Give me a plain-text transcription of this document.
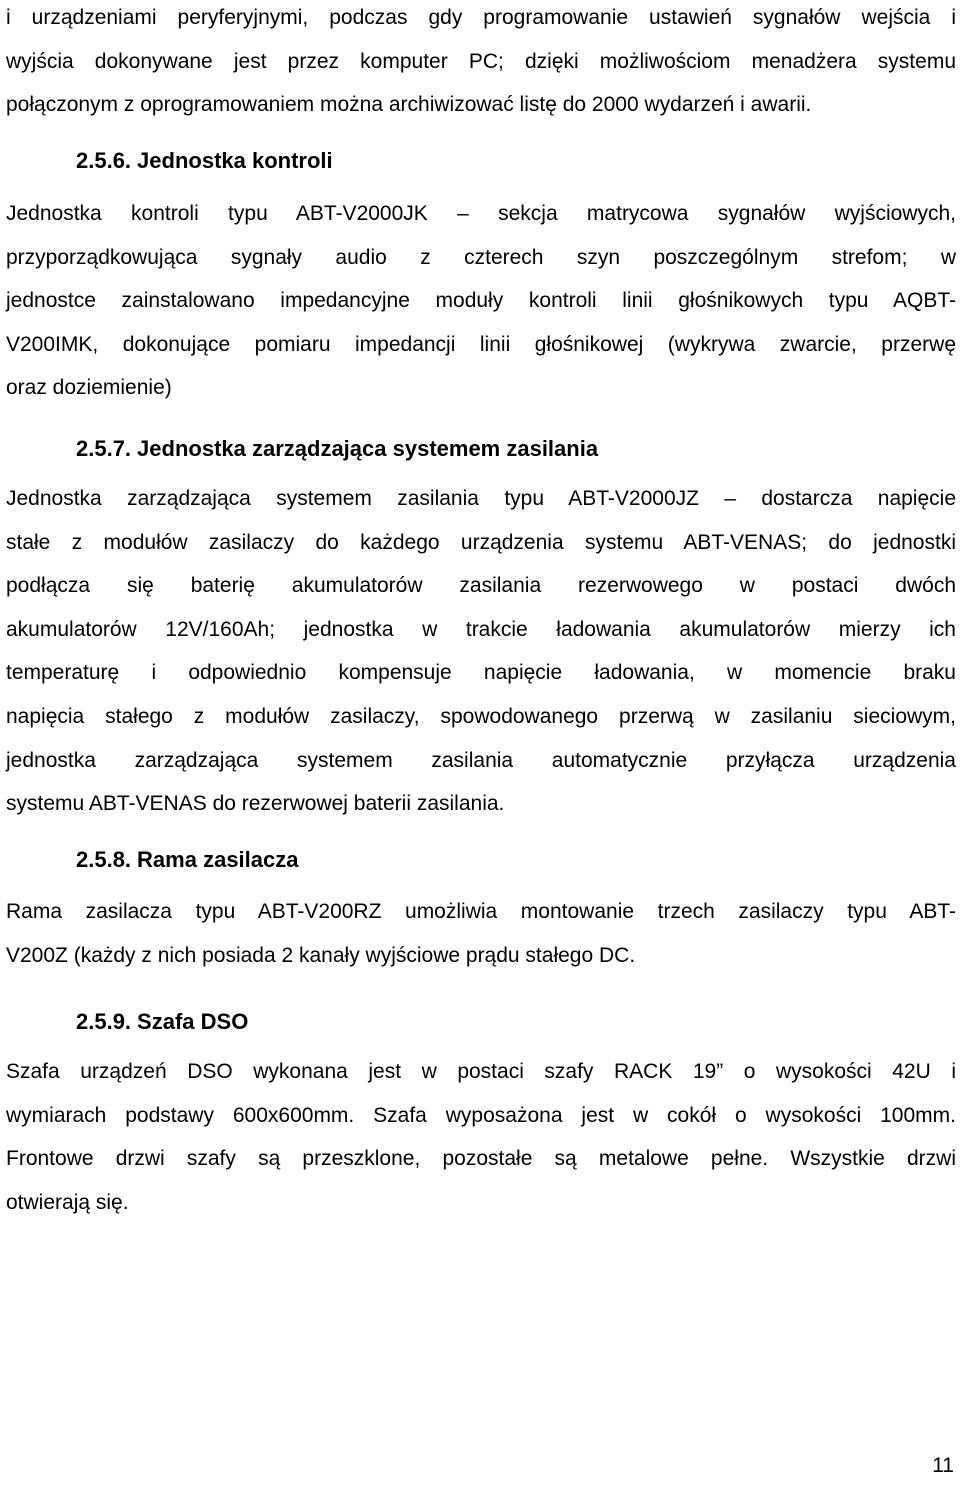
i urządzeniami peryferyjnymi, podczas gdy programowanie ustawień sygnałów wejścia i
wyjścia dokonywane jest przez komputer PC; dzięki możliwościom menadżera systemu
połączonym z oprogramowaniem można archiwizować listę do 2000 wydarzeń i awarii.
2.5.6. Jednostka kontroli
Jednostka kontroli typu ABT-V2000JK – sekcja matrycowa sygnałów wyjściowych,
przyporządkowująca sygnały audio z czterech szyn poszczególnym strefom; w
jednostce zainstalowano impedancyjne moduły kontroli linii głośnikowych typu AQBT-
V200IMK, dokonujące pomiaru impedancji linii głośnikowej (wykrywa zwarcie, przerwę
oraz doziemienie)
2.5.7. Jednostka zarządzająca systemem zasilania
Jednostka zarządzająca systemem zasilania typu ABT-V2000JZ – dostarcza napięcie
stałe z modułów zasilaczy do każdego urządzenia systemu ABT-VENAS; do jednostki
podłącza się baterię akumulatorów zasilania rezerwowego w postaci dwóch
akumulatorów 12V/160Ah; jednostka w trakcie ładowania akumulatorów mierzy ich
temperaturę i odpowiednio kompensuje napięcie ładowania, w momencie braku
napięcia stałego z modułów zasilaczy, spowodowanego przerwą w zasilaniu sieciowym,
jednostka zarządzająca systemem zasilania automatycznie przyłącza urządzenia
systemu ABT-VENAS do rezerwowej baterii zasilania.
2.5.8. Rama zasilacza
Rama zasilacza typu ABT-V200RZ umożliwia montowanie trzech zasilaczy typu ABT-
V200Z (każdy z nich posiada 2 kanały wyjściowe prądu stałego DC.
2.5.9. Szafa DSO
Szafa urządzeń DSO wykonana jest w postaci szafy RACK 19” o wysokości 42U i
wymiarach podstawy 600x600mm. Szafa wyposażona jest w cokół o wysokości 100mm.
Frontowe drzwi szafy są przeszklone, pozostałe są metalowe pełne. Wszystkie drzwi
otwierają się.
11
